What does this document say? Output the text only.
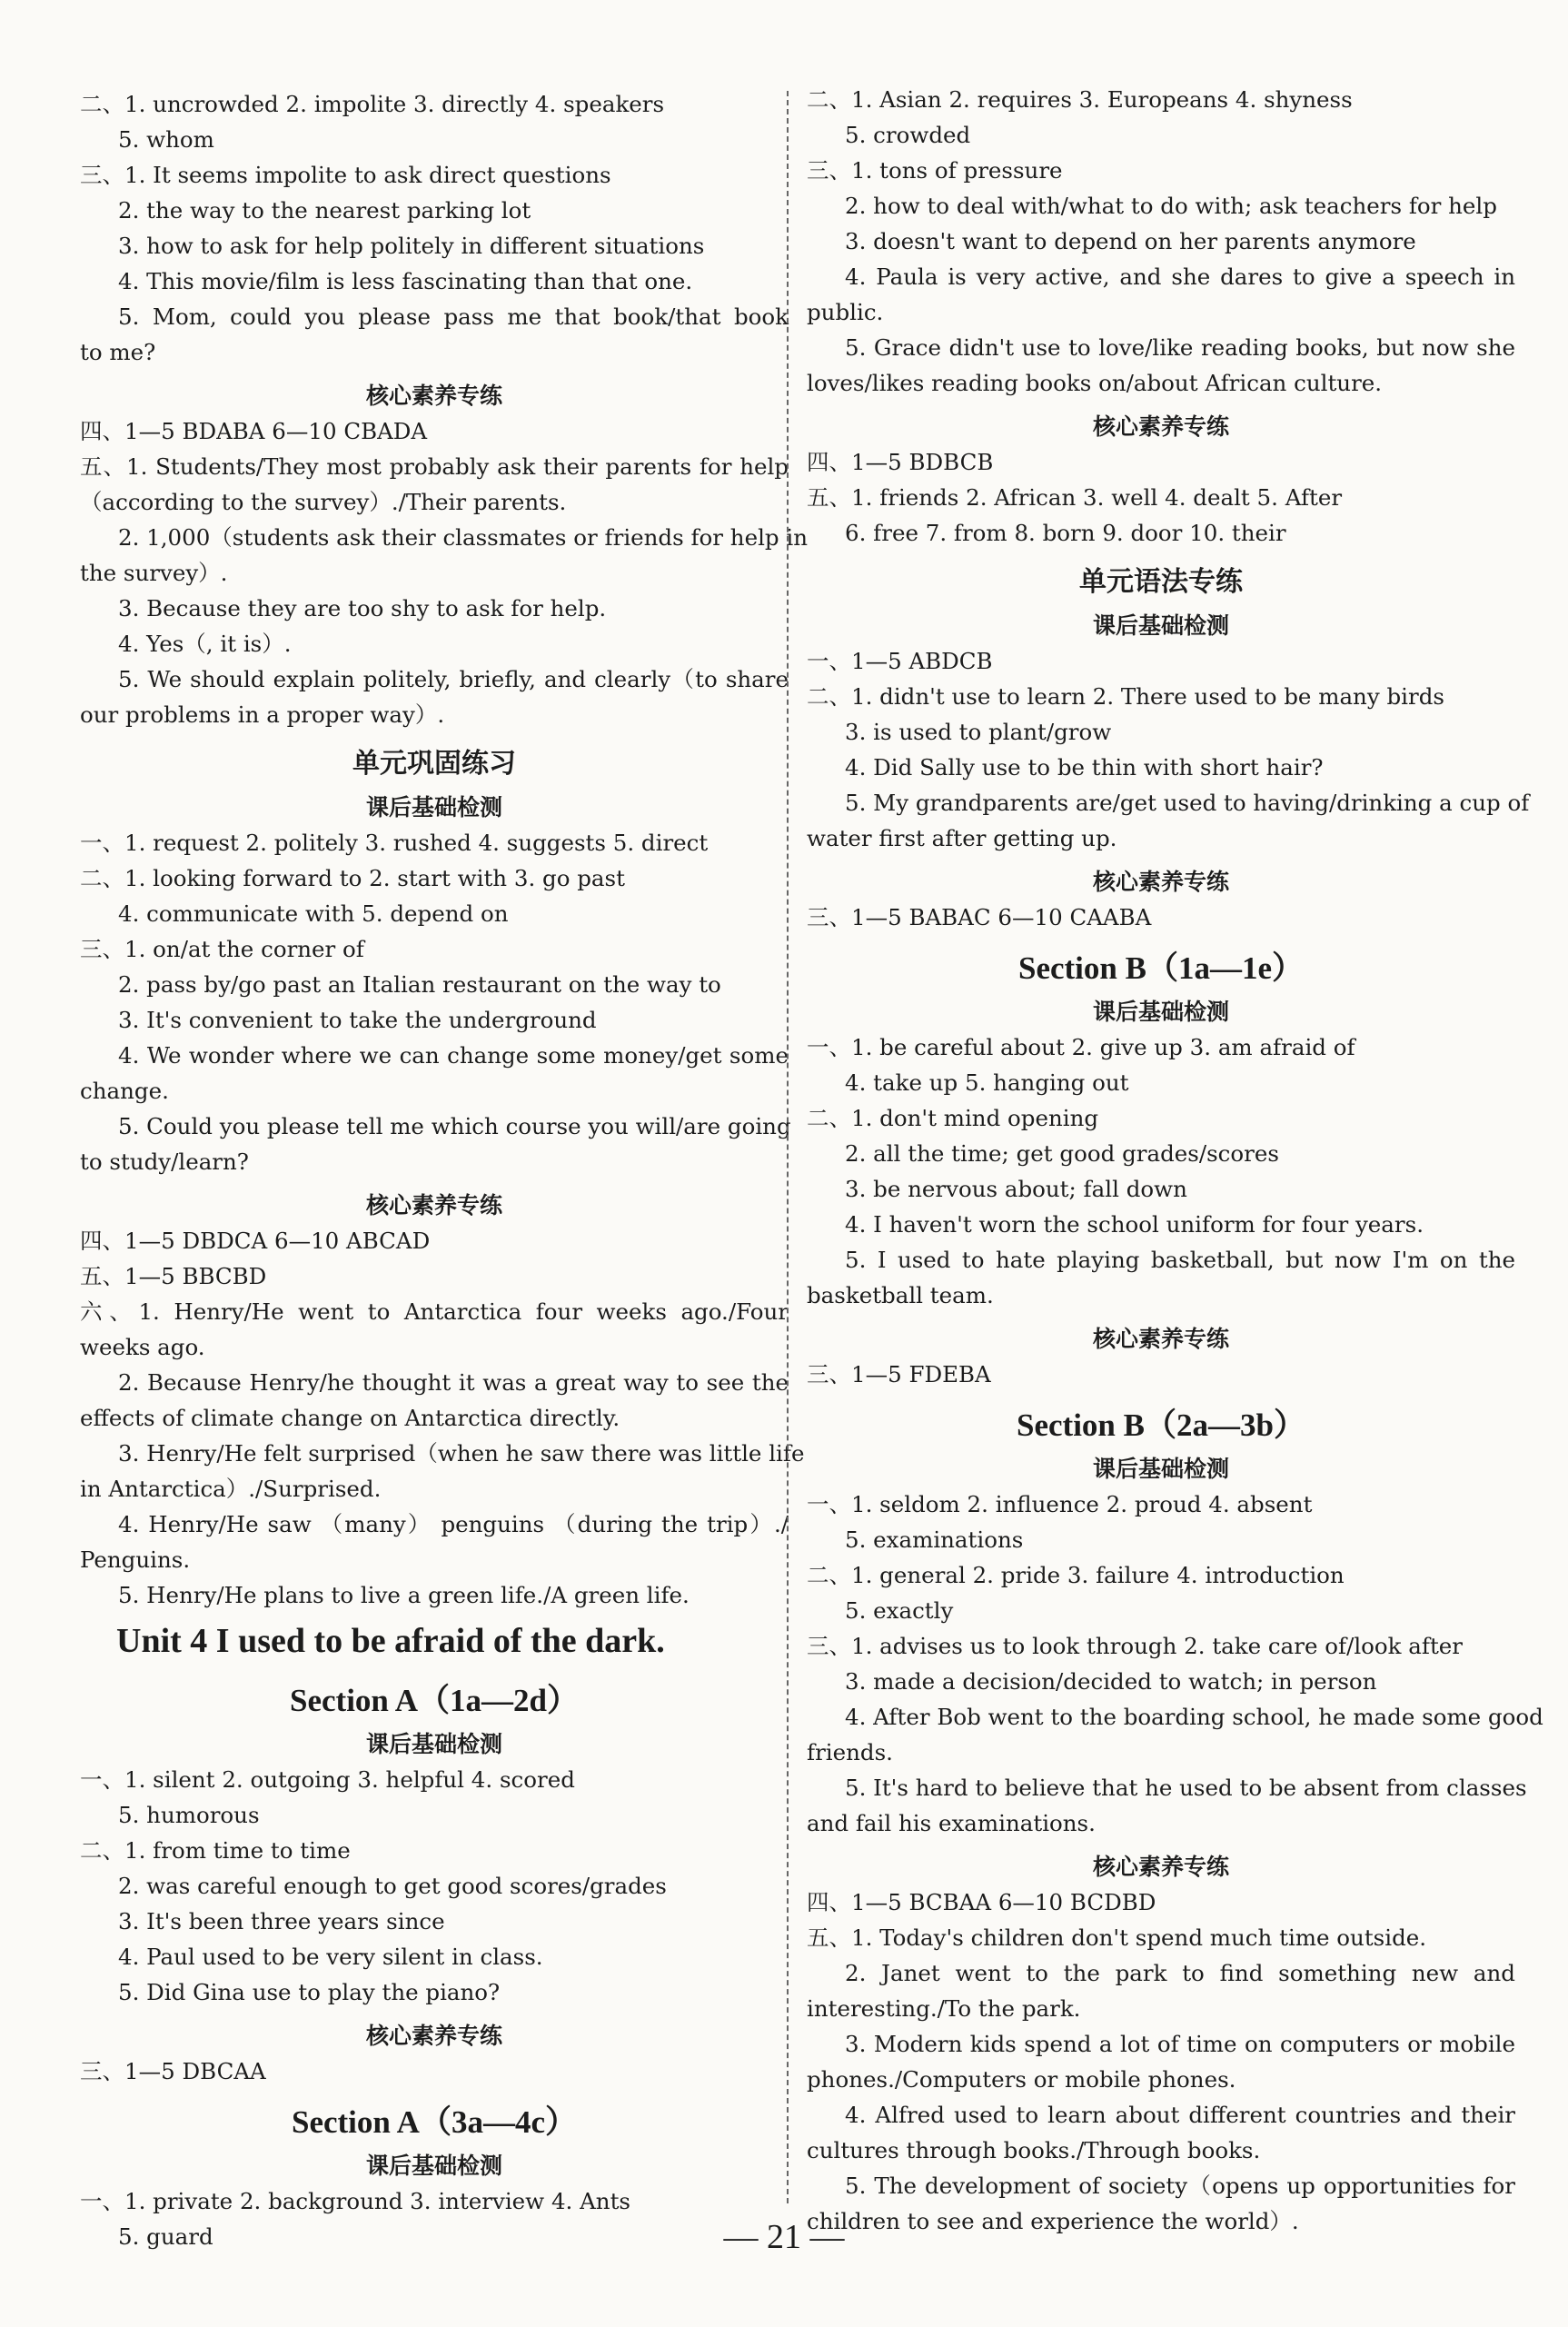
二、1. uncrowded 2. impolite 3. directly 4. speakers
5. whom
三、1. It seems impolite to ask direct questions
2. the way to the nearest parking lot
3. how to ask for help politely in different situations
4. This movie/film is less fascinating than that one.
5. Mom, could you please pass me that book/that book
to me?
核心素养专练
四、1—5 BDABA 6—10 CBADA
五、1. Students/They most probably ask their parents for help
（according to the survey）./Their parents.
2. 1,000（students ask their classmates or friends for help in
the survey）.
3. Because they are too shy to ask for help.
4. Yes（, it is）.
5. We should explain politely, briefly, and clearly（to share
our problems in a proper way）.
单元巩固练习
课后基础检测
一、1. request 2. politely 3. rushed 4. suggests 5. direct
二、1. looking forward to 2. start with 3. go past
4. communicate with 5. depend on
三、1. on/at the corner of
2. pass by/go past an Italian restaurant on the way to
3. It's convenient to take the underground
4. We wonder where we can change some money/get some
change.
5. Could you please tell me which course you will/are going
to study/learn?
核心素养专练
四、1—5 DBDCA 6—10 ABCAD
五、1—5 BBCBD
六、1. Henry/He went to Antarctica four weeks ago./Four
weeks ago.
2. Because Henry/he thought it was a great way to see the
effects of climate change on Antarctica directly.
3. Henry/He felt surprised（when he saw there was little life
in Antarctica）./Surprised.
4. Henry/He saw （many） penguins （during the trip）./
Penguins.
5. Henry/He plans to live a green life./A green life.
Unit 4 I used to be afraid of the dark.
Section A（1a—2d）
课后基础检测
一、1. silent 2. outgoing 3. helpful 4. scored
5. humorous
二、1. from time to time
2. was careful enough to get good scores/grades
3. It's been three years since
4. Paul used to be very silent in class.
5. Did Gina use to play the piano?
核心素养专练
三、1—5 DBCAA
Section A（3a—4c）
课后基础检测
一、1. private 2. background 3. interview 4. Ants
5. guard
二、1. Asian 2. requires 3. Europeans 4. shyness
5. crowded
三、1. tons of pressure
2. how to deal with/what to do with; ask teachers for help
3. doesn't want to depend on her parents anymore
4. Paula is very active, and she dares to give a speech in
public.
5. Grace didn't use to love/like reading books, but now she
loves/likes reading books on/about African culture.
核心素养专练
四、1—5 BDBCB
五、1. friends 2. African 3. well 4. dealt 5. After
6. free 7. from 8. born 9. door 10. their
单元语法专练
课后基础检测
一、1—5 ABDCB
二、1. didn't use to learn 2. There used to be many birds
3. is used to plant/grow
4. Did Sally use to be thin with short hair?
5. My grandparents are/get used to having/drinking a cup of
water first after getting up.
核心素养专练
三、1—5 BABAC 6—10 CAABA
Section B（1a—1e）
课后基础检测
一、1. be careful about 2. give up 3. am afraid of
4. take up 5. hanging out
二、1. don't mind opening
2. all the time; get good grades/scores
3. be nervous about; fall down
4. I haven't worn the school uniform for four years.
5. I used to hate playing basketball, but now I'm on the
basketball team.
核心素养专练
三、1—5 FDEBA
Section B（2a—3b）
课后基础检测
一、1. seldom 2. influence 2. proud 4. absent
5. examinations
二、1. general 2. pride 3. failure 4. introduction
5. exactly
三、1. advises us to look through 2. take care of/look after
3. made a decision/decided to watch; in person
4. After Bob went to the boarding school, he made some good
friends.
5. It's hard to believe that he used to be absent from classes
and fail his examinations.
核心素养专练
四、1—5 BCBAA 6—10 BCDBD
五、1. Today's children don't spend much time outside.
2. Janet went to the park to find something new and
interesting./To the park.
3. Modern kids spend a lot of time on computers or mobile
phones./Computers or mobile phones.
4. Alfred used to learn about different countries and their
cultures through books./Through books.
5. The development of society（opens up opportunities for
children to see and experience the world）.
— 21 —
